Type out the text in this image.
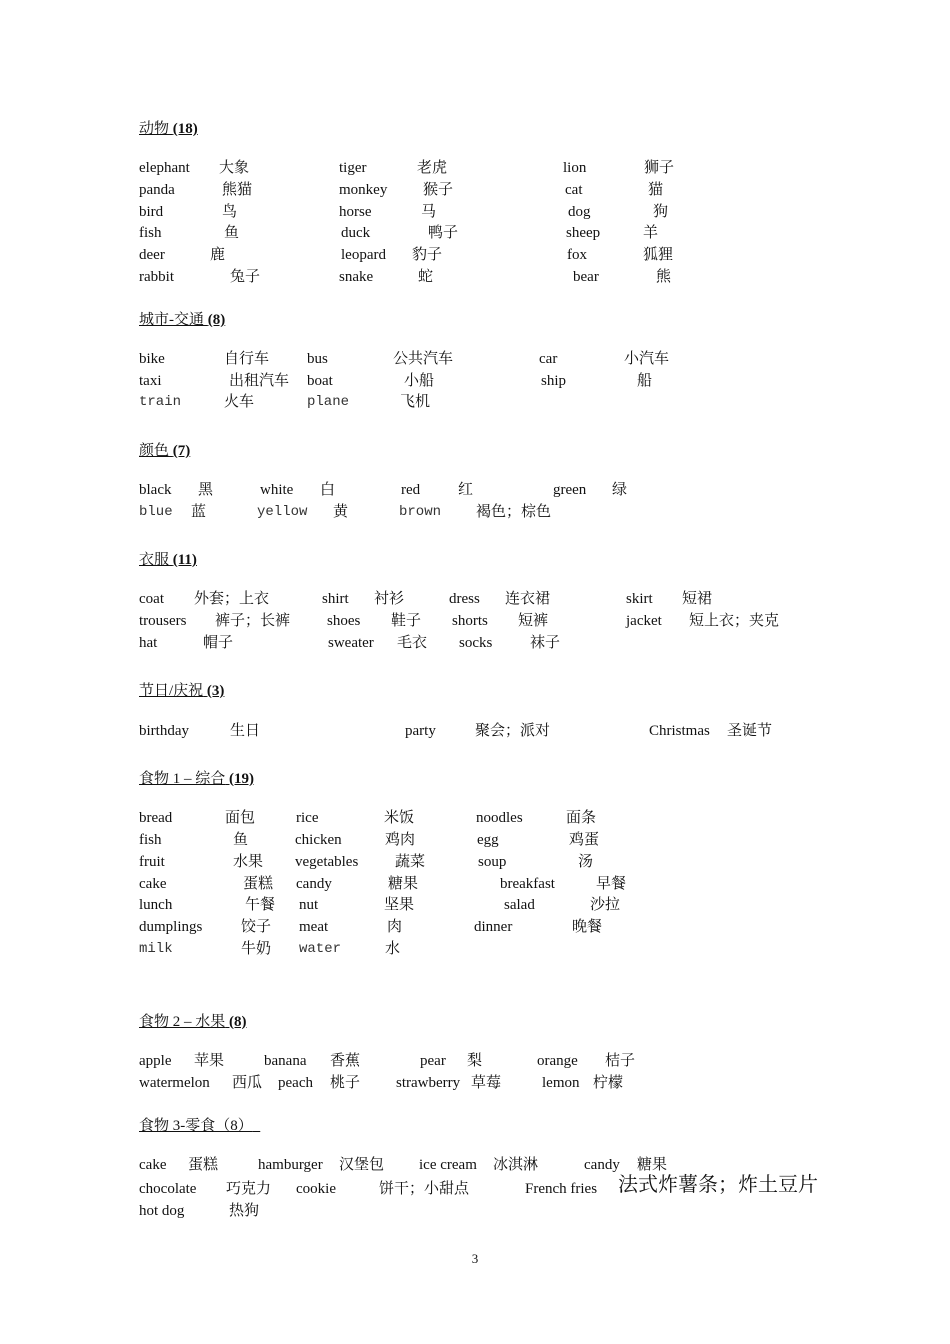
动物 (18)
elephant 大象	tiger	老虎	lion	狮子
panda	熊猫	monkey 猴子	cat	猫
bird	鸟	horse	马	dog	狗
fish	鱼	duck	鸭子	sheep	羊
deer	鹿	leopard 豹子	fox	狐狸
rabbit	兔子	snake	蛇	bear	熊
城市-交通 (8)
bike	自行车	bus	公共汽车	car	小汽车
taxi	出租汽车 boat	小船	ship	船
train	火车	plane	飞机
颜色 (7)
black 黑	white 白	red	红	green 绿
blue 蓝	yellow 黄	brown 褐色；棕色
衣服 (11)
coat 外套；上衣	shirt 衬衫	dress 连衣裙	skirt 短裙
trousers 裤子；长裤 shoes 鞋子 shorts 短裤	jacket 短上衣；夹克
hat	帽子	sweater 毛衣 socks	袜子
节日/庆祝 (3)
birthday	生日	party	聚会；派对	Christmas 圣诞节
食物 1 – 综合 (19)
bread	面包	rice	米饭	noodles	面条
fish	鱼	chicken	鸡肉	egg	鸡蛋
fruit	水果 vegetables 蔬菜	soup	汤
cake	蛋糕 candy	糖果	breakfast	早餐
lunch	午餐 nut	坚果	salad	沙拉
dumplings	饺子 meat	肉	dinner	晚餐
milk	牛奶 water	水
食物 2 – 水果 (8)
apple 苹果	banana 香蕉	pear 梨	orange 桔子
watermelon 西瓜 peach 桃子 strawberry 草莓	lemon 柠檬
食物 3-零食（8）
cake 蛋糕	hamburger 汉堡包 ice cream 冰淇淋	candy 糖果
chocolate 巧克力 cookie	饼干；小甜点	French fries 法式炸薯条；炸土豆片
hot dog	热狗
3
